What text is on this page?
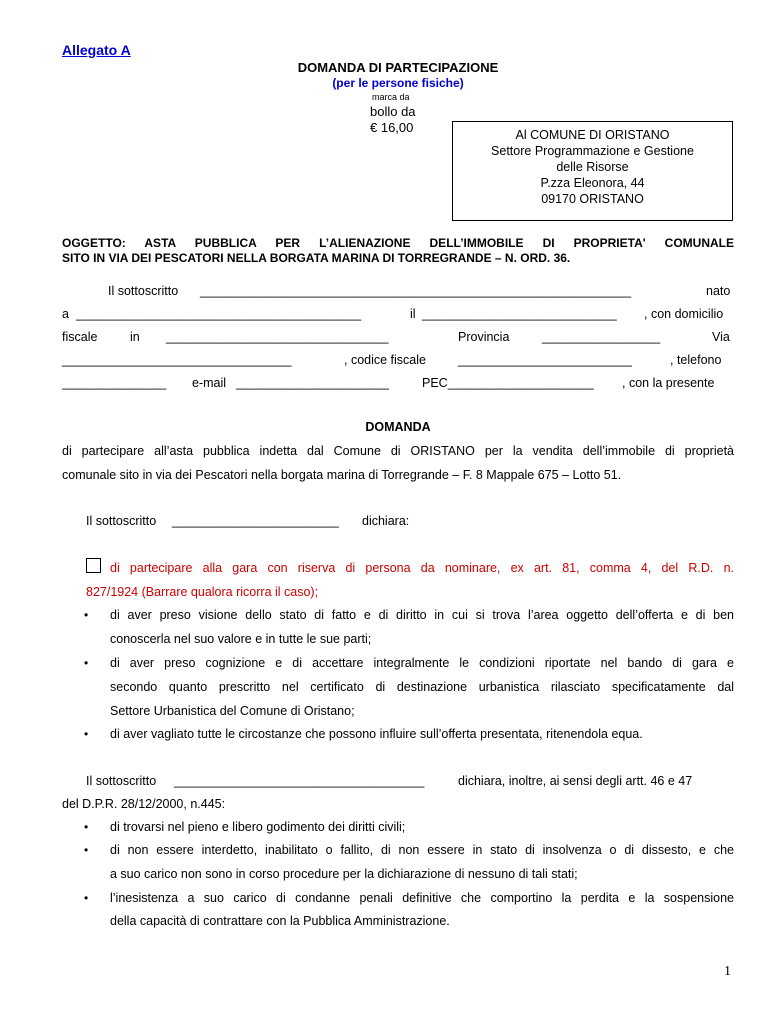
Allegato A
DOMANDA DI PARTECIPAZIONE
(per le persone fisiche)
marca da
bollo da
€ 16,00	Al COMUNE DI ORISTANO
Settore Programmazione e Gestione
delle Risorse
P.zza Eleonora, 44
09170 ORISTANO
OGGETTO: ASTA PUBBLICA PER L’ALIENAZIONE DELL’IMMOBILE DI PROPRIETA' COMUNALE
SITO IN VIA DEI PESCATORI NELLA BORGATA MARINA DI TORREGRANDE – N. ORD. 36.
Il sottoscritto ______________________________________________________________	nato
a _________________________________________	il ____________________________ , con domicilio
fiscale	in ________________________________	Provincia	_________________	Via
_________________________________	, codice fiscale	_________________________	, telefono
_______________ e-mail ______________________	PEC_____________________ , con la presente
DOMANDA
di partecipare all’asta pubblica indetta dal Comune di ORISTANO per la vendita dell’immobile di proprietà
comunale sito in via dei Pescatori nella borgata marina di Torregrande – F. 8 Mappale 675 – Lotto 51.
Il sottoscritto ________________________ dichiara:
di partecipare alla gara con riserva di persona da nominare, ex art. 81, comma 4, del R.D. n.
827/1924 (Barrare qualora ricorra il caso);
• di aver preso visione dello stato di fatto e di diritto in cui si trova l’area oggetto dell’offerta e di ben
conoscerla nel suo valore e in tutte le sue parti;
• di aver preso cognizione e di accettare integralmente le condizioni riportate nel bando di gara e
secondo quanto prescritto nel certificato di destinazione urbanistica rilasciato specificatamente dal
Settore Urbanistica del Comune di Oristano;
• di aver vagliato tutte le circostanze che possono influire sull’offerta presentata, ritenendola equa.
Il sottoscritto ____________________________________	dichiara, inoltre, ai sensi degli artt. 46 e 47
del D.P.R. 28/12/2000, n.445:
• di trovarsi nel pieno e libero godimento dei diritti civili;
• di non essere interdetto, inabilitato o fallito, di non essere in stato di insolvenza o di dissesto, e che
a suo carico non sono in corso procedure per la dichiarazione di nessuno di tali stati;
• l’inesistenza a suo carico di condanne penali definitive che comportino la perdita e la sospensione
della capacità di contrattare con la Pubblica Amministrazione.
1
